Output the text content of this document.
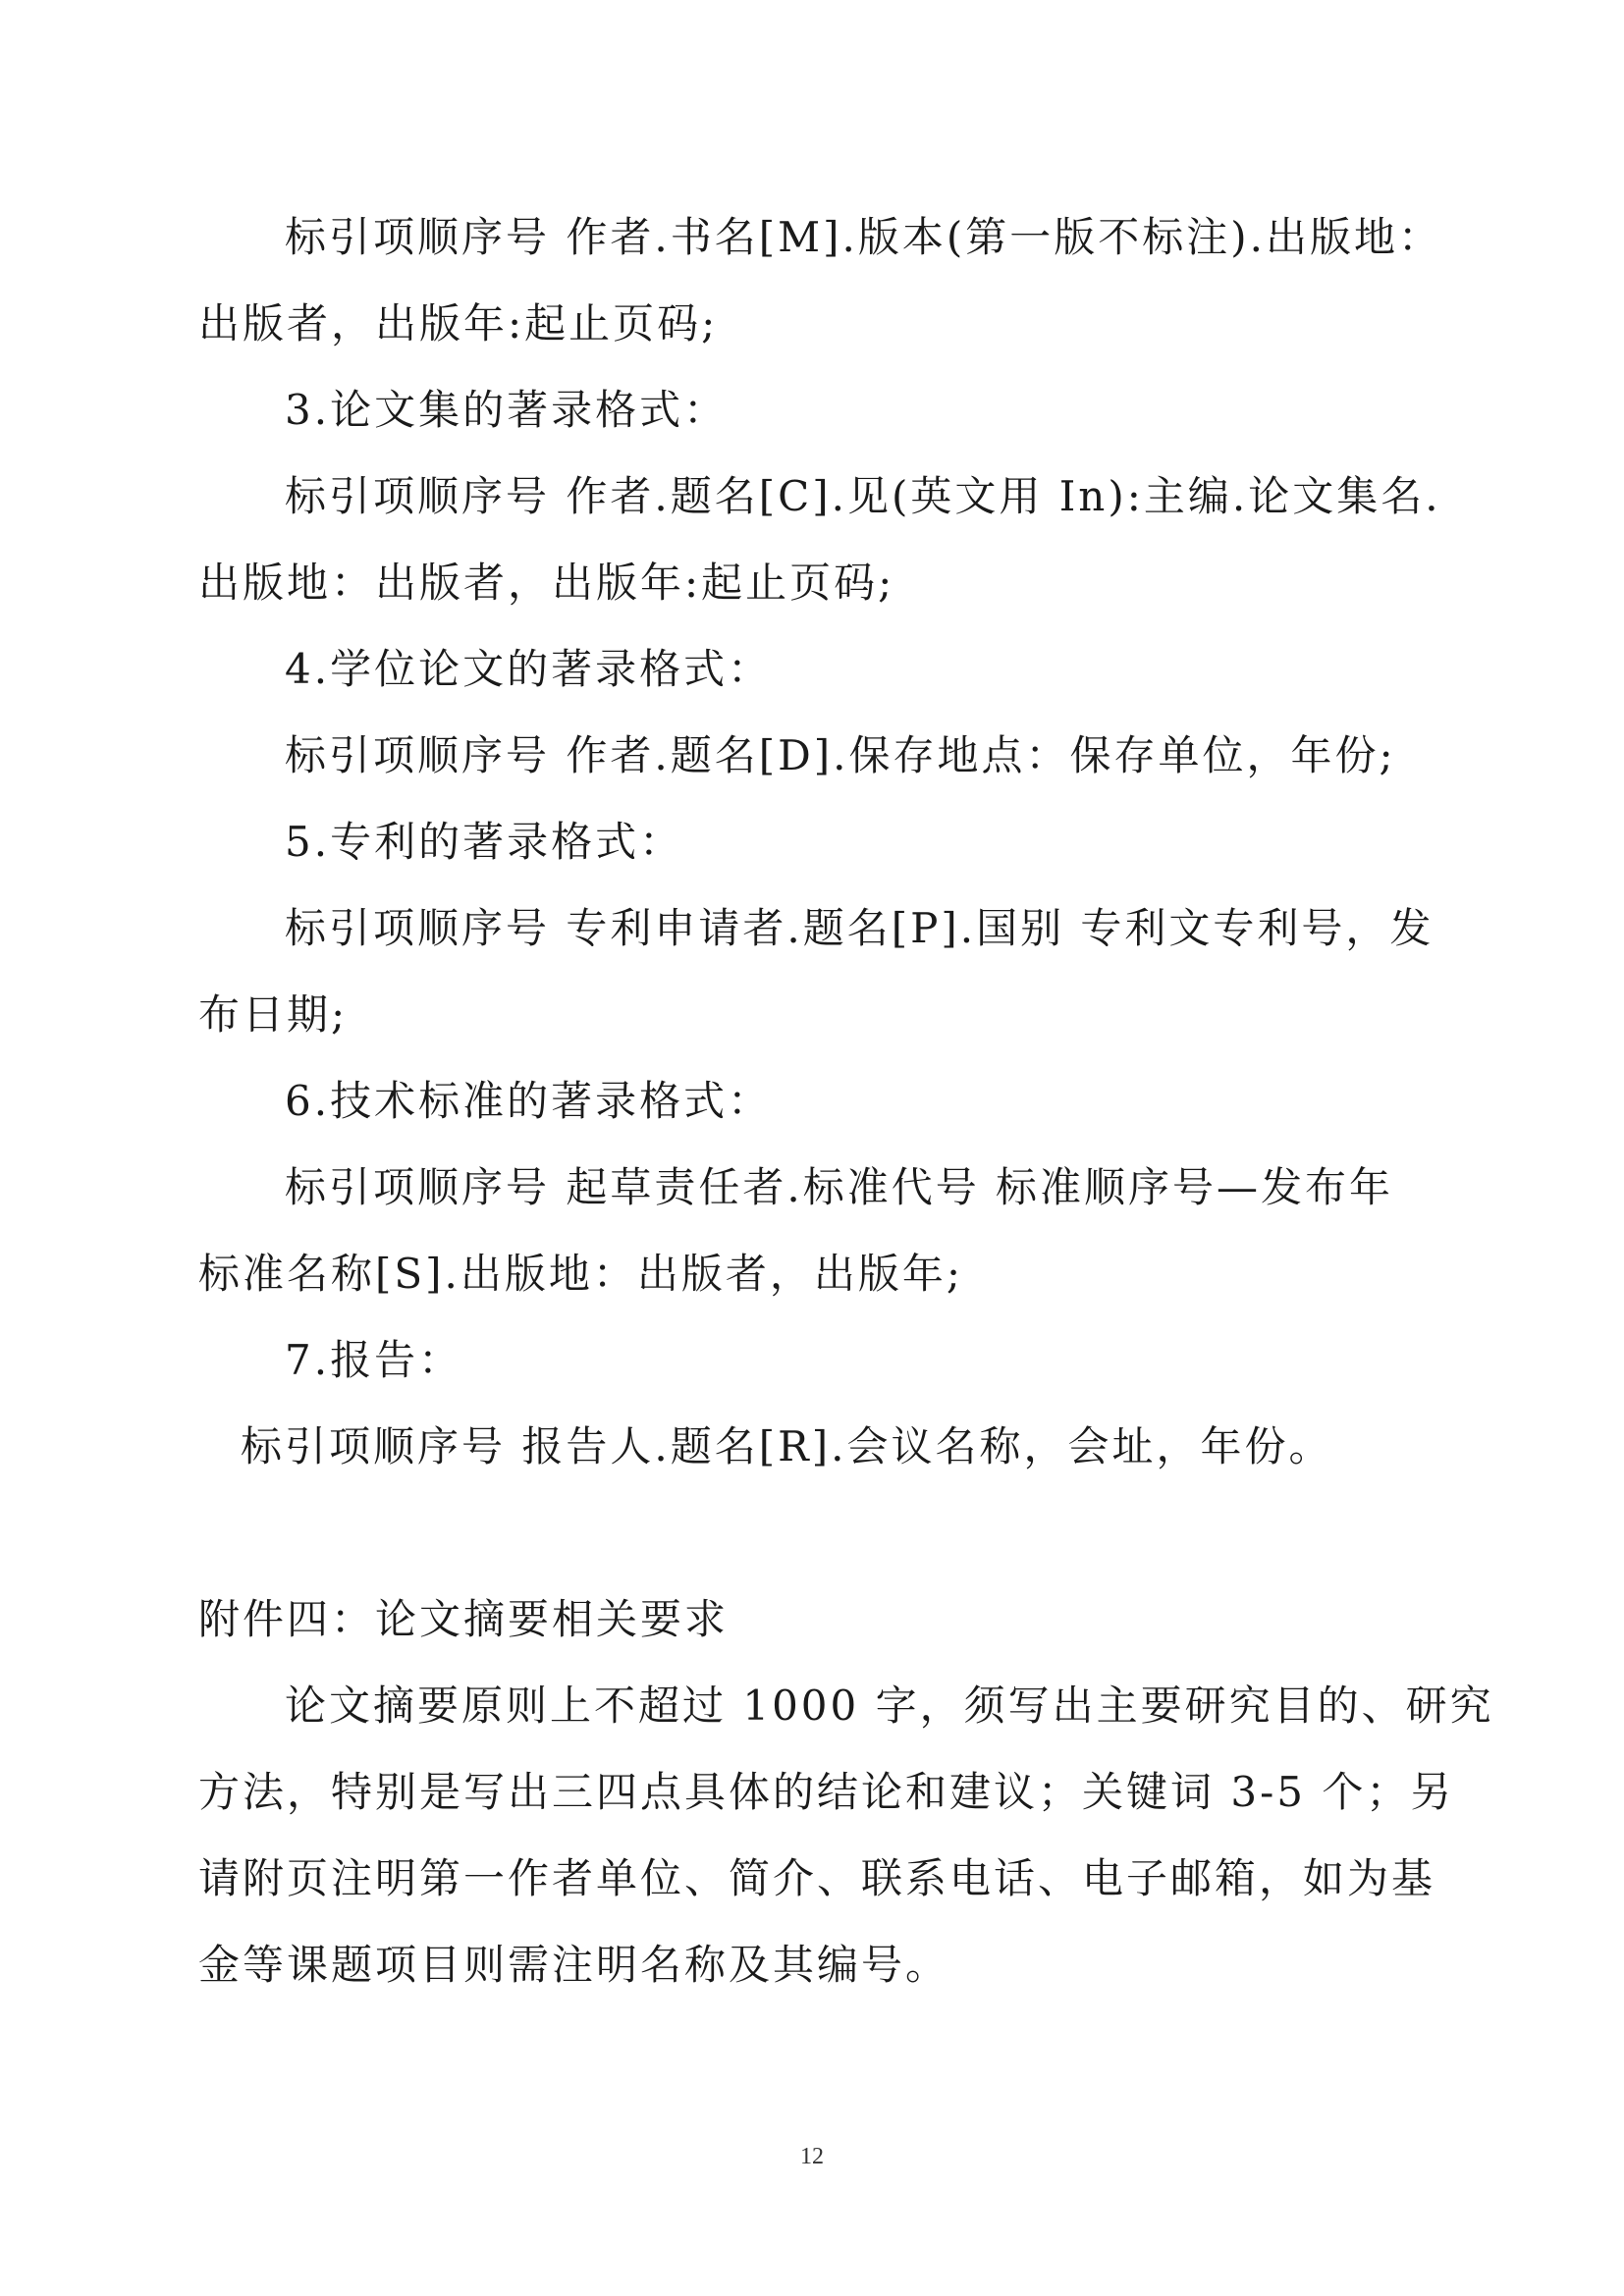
标引项顺序号 作者.书名[M].版本(第一版不标注).出版地：
出版者，出版年:起止页码;
3.论文集的著录格式：
标引项顺序号 作者.题名[C].见(英文用 In):主编.论文集名.
出版地：出版者，出版年:起止页码;
4.学位论文的著录格式：
标引项顺序号 作者.题名[D].保存地点：保存单位，年份;
5.专利的著录格式：
标引项顺序号 专利申请者.题名[P].国别 专利文专利号，发
布日期;
6.技术标准的著录格式：
标引项顺序号 起草责任者.标准代号 标准顺序号—发布年
标准名称[S].出版地：出版者，出版年;
7.报告：
标引项顺序号 报告人.题名[R].会议名称，会址，年份。
附件四：论文摘要相关要求
论文摘要原则上不超过 1000 字，须写出主要研究目的、研究
方法，特别是写出三四点具体的结论和建议；关键词 3-5 个；另
请附页注明第一作者单位、简介、联系电话、电子邮箱，如为基
金等课题项目则需注明名称及其编号。
12
